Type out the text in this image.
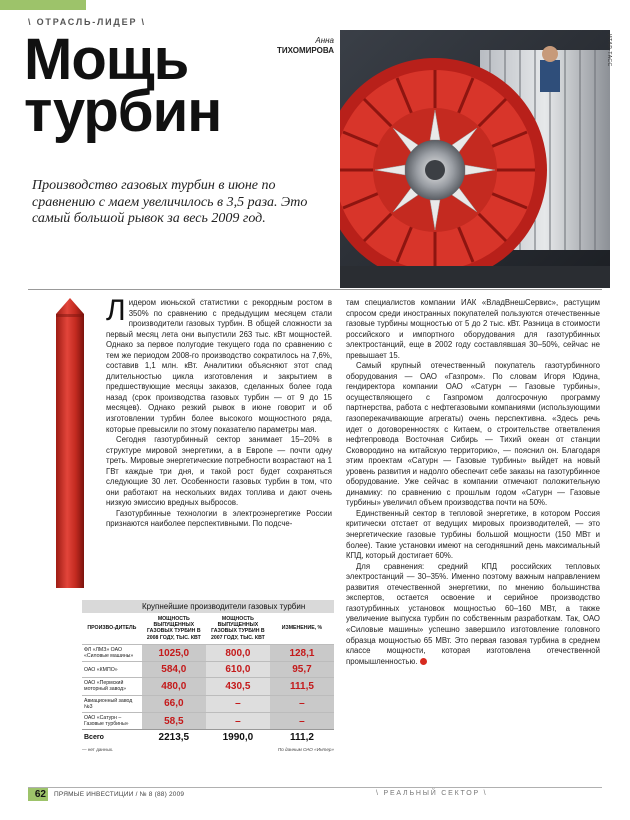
\ ОТРАСЛЬ-ЛИДЕР \
Мощь
турбин
Анна
ТИХОМИРОВА
Производство газовых турбин в июне по сравнению с маем увеличилось в 3,5 раза. Это самый большой рывок за весь 2009 год.
ИТАР-ТАСС

Лидером июньской статистики с рекордным ростом в 350% по сравнению с предыдущим месяцем стали производители газовых турбин. В общей сложности за первый месяц лета они выпустили 263 тыс. кВт мощностей. Однако за первое полугодие текущего года по сравнению с тем же периодом 2008-го производство сократилось на 7,6%, составив 1,1 млн. кВт. Аналитики объясняют этот спад длительностью цикла изготовления и закрытием в предшествующие месяцы заказов, сделанных более года назад (срок производства газовых турбин — от 9 до 15 месяцев). Однако резкий рывок в июне говорит и об изготовлении турбин более высокого мощностного ряда, которые превысили по этому показателю параметры мая.

Сегодня газотурбинный сектор занимает 15–20% в структуре мировой энергетики, а в Европе — почти одну треть. Мировые энергетические потребности возрастают на 1 ГВт каждые три дня, и такой рост будет сохраняться следующие 30 лет. Особенности газовых турбин в том, что они работают на нескольких видах топлива и дают очень низкую эмиссию вредных выбросов.

Газотурбинные технологии в электроэнергетике России признаются наиболее перспективными. По подсче-

там специалистов компании ИАК «ВладВнешСервис», растущим спросом среди иностранных покупателей пользуются отечественные газовые турбины мощностью от 5 до 2 тыс. кВт. Разница в стоимости российского и импортного оборудования для газотурбинных электростанций, еще в 2002 году составлявшая 30–50%, сейчас не превышает 15.

Самый крупный отечественный покупатель газотурбинного оборудования — ОАО «Газпром». По словам Игоря Юдина, гендиректора компании ОАО «Сатурн — Газовые турбины», осуществляющего с Газпромом долгосрочную программу партнерства, работа с нефтегазовыми компаниями (использующими газоперекачивающие агрегаты) очень перспективна. «Здесь речь идет о договоренностях с Китаем, о строительстве ответвления нефтепровода Восточная Сибирь — Тихий океан от станции Сковородино на китайскую территорию», — пояснил он. Благодаря этим проектам «Сатурн — Газовые турбины» выйдет на новый уровень развития и надолго обеспечит себе заказы на газотурбинное оборудование. Уже сейчас в компании отмечают положительную динамику: по сравнению с прошлым годом «Сатурн — Газовые турбины» увеличил объем производства почти на 50%.

Единственный сектор в тепловой энергетике, в котором Россия критически отстает от ведущих мировых производителей, — это энергетические газовые турбины большой мощности (150 МВт и более). Такие установки имеют на сегодняшний день максимальный КПД, который достигает 60%.

Для сравнения: средний КПД российских тепловых электростанций — 30–35%. Именно поэтому важным направлением развития отечественной энергетики, по мнению большинства экспертов, остается освоение и серийное производство газотурбинных установок мощностью 60–160 МВт, а также увеличение выпуска турбин по собственным разработкам. Так, ОАО «Силовые машины» успешно завершило изготовление головного образца мощностью 65 МВт. Это первая газовая турбина в среднем классе мощности, которая изготовлена отечественной промышленностью.

Крупнейшие производители газовых турбин
ПРОИЗВО-ДИТЕЛЬ	МОЩНОСТЬ ВЫПУЩЕННЫХ ГАЗОВЫХ ТУРБИН В 2008 ГОДУ, ТЫС. КВТ	МОЩНОСТЬ ВЫПУЩЕННЫХ ГАЗОВЫХ ТУРБИН В 2007 ГОДУ, ТЫС. КВТ	ИЗМЕНЕНИЕ, %
ФЛ «ЛМЗ» ОАО «Силовые машины»	1025,0	800,0	128,1
ОАО «КМПО»	584,0	610,0	95,7
ОАО «Пермский моторный завод»	480,0	430,5	111,5
Авиационный завод №3	66,0	–	–
ОАО «Сатурн – Газовые турбины»	58,5	–	–
Всего	2213,5	1990,0	111,2
— нет данных.	По данным ОАО «Интер»
62	ПРЯМЫЕ ИНВЕСТИЦИИ / № 8 (88) 2009	\ РЕАЛЬНЫЙ СЕКТОР \
